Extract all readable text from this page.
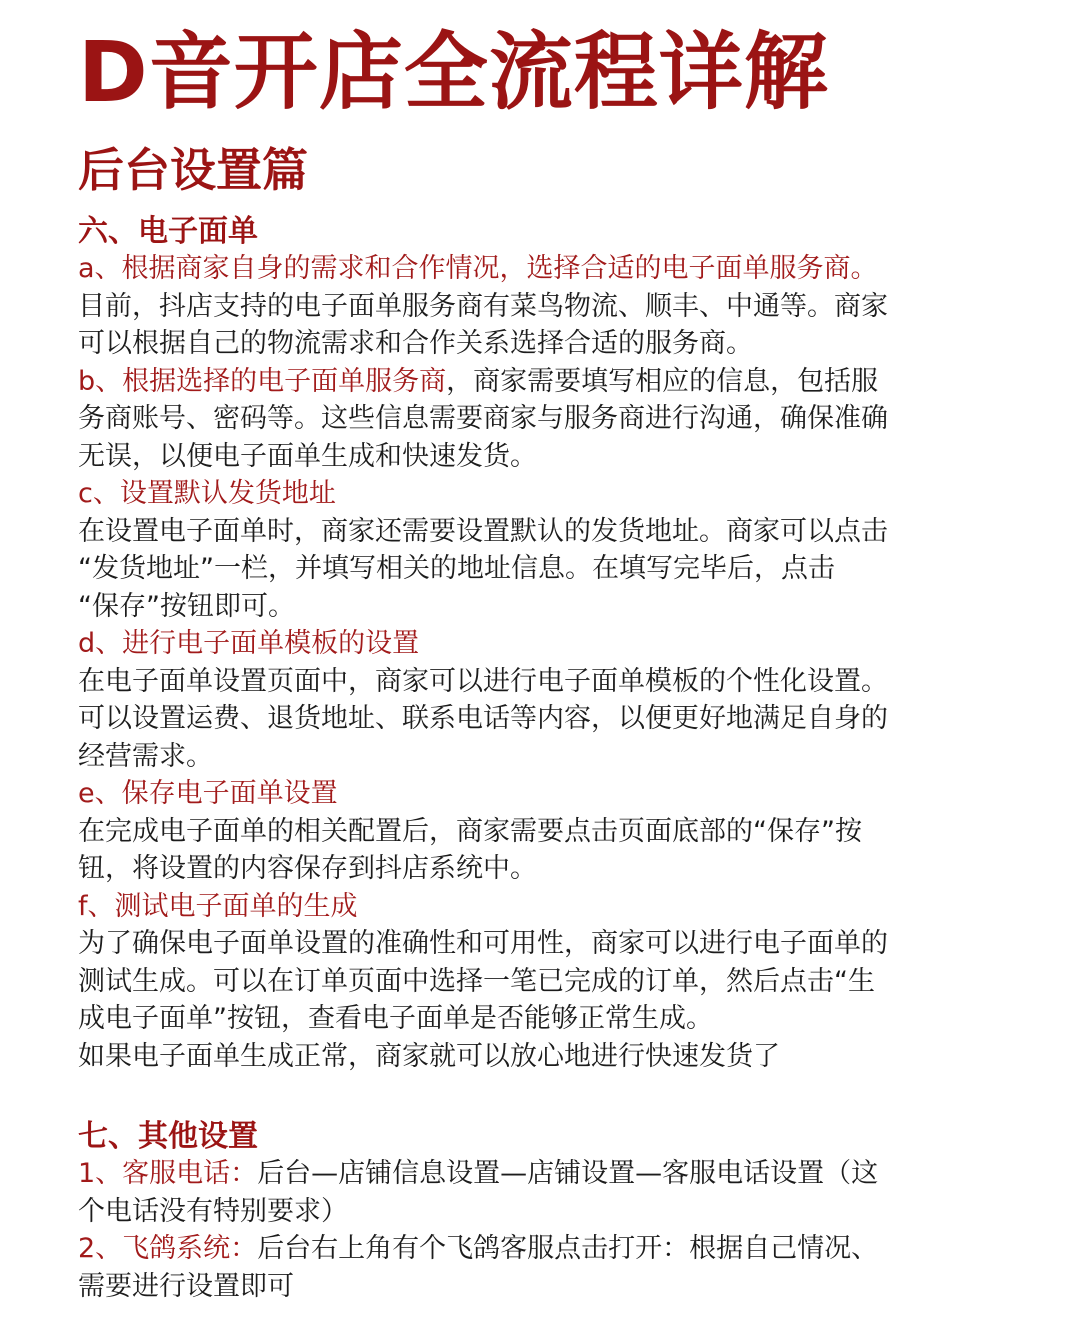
D音开店全流程详解
后台设置篇
六、电子面单

a、根据商家自身的需求和合作情况，选择合适的电子面单服务商。

目前，抖店支持的电子面单服务商有菜鸟物流、顺丰、中通等。商家
可以根据自己的物流需求和合作关系选择合适的服务商。

b、根据选择的电子面单服务商，商家需要填写相应的信息，包括服
务商账号、密码等。这些信息需要商家与服务商进行沟通，确保准确
无误，以便电子面单生成和快速发货。

c、设置默认发货地址

在设置电子面单时，商家还需要设置默认的发货地址。商家可以点击
“发货地址”一栏，并填写相关的地址信息。在填写完毕后，点击
“保存”按钮即可。

d、进行电子面单模板的设置

在电子面单设置页面中，商家可以进行电子面单模板的个性化设置。
可以设置运费、退货地址、联系电话等内容，以便更好地满足自身的
经营需求。

e、保存电子面单设置

在完成电子面单的相关配置后，商家需要点击页面底部的“保存”按
钮，将设置的内容保存到抖店系统中。

f、测试电子面单的生成

为了确保电子面单设置的准确性和可用性，商家可以进行电子面单的
测试生成。可以在订单页面中选择一笔已完成的订单，然后点击“生
成电子面单”按钮，查看电子面单是否能够正常生成。
如果电子面单生成正常，商家就可以放心地进行快速发货了

七、其他设置

1、客服电话：后台—店铺信息设置—店铺设置—客服电话设置（这
个电话没有特别要求）

2、飞鸽系统：后台右上角有个飞鸽客服点击打开：根据自己情况、
需要进行设置即可
